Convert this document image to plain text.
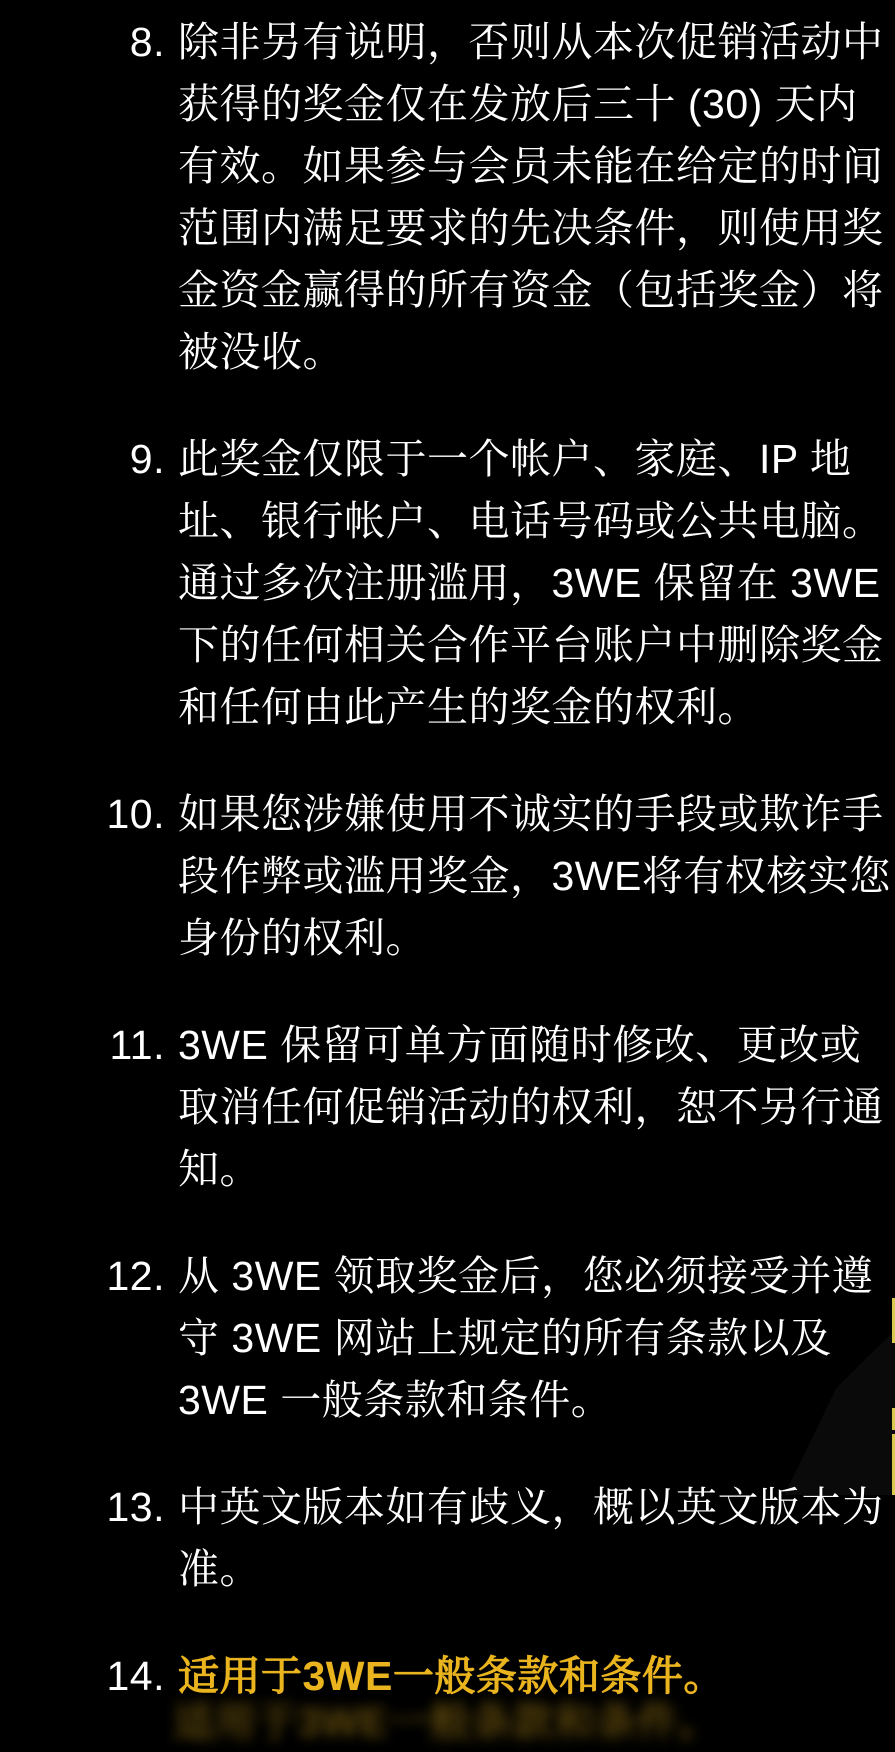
8. 除非另有说明，否则从本次促销活动中
获得的奖金仅在发放后三十 (30) 天内
有效。如果参与会员未能在给定的时间
范围内满足要求的先决条件，则使用奖
金资金赢得的所有资金（包括奖金）将
被没收。
9. 此奖金仅限于一个帐户、家庭、IP 地
址、银行帐户、电话号码或公共电脑。
通过多次注册滥用，3WE 保留在 3WE
下的任何相关合作平台账户中删除奖金
和任何由此产生的奖金的权利。
10. 如果您涉嫌使用不诚实的手段或欺诈手
段作弊或滥用奖金，3WE将有权核实您
身份的权利。
11. 3WE 保留可单方面随时修改、更改或
取消任何促销活动的权利，恕不另行通
知。
12. 从 3WE 领取奖金后，您必须接受并遵
守 3WE 网站上规定的所有条款以及
3WE 一般条款和条件。
13. 中英文版本如有歧义，概以英文版本为
准。
14. 适用于3WE一般条款和条件。
适用于3WE一般条款和条件。
